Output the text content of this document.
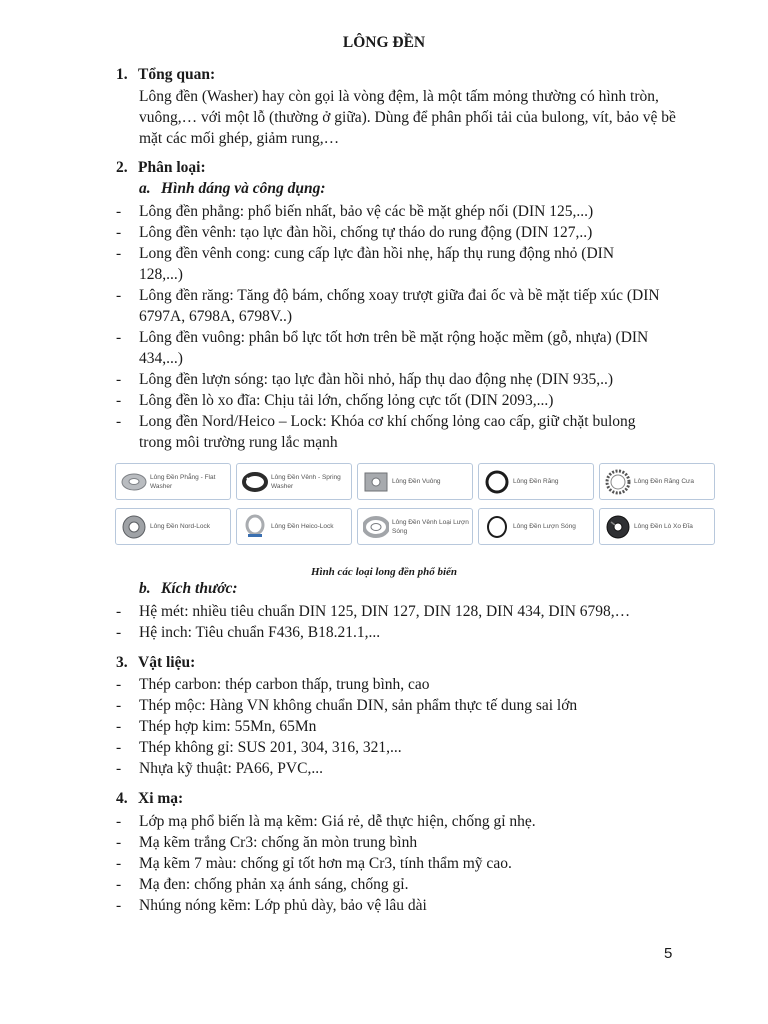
LÔNG ĐỀN
1. Tổng quan:
Lông đền (Washer) hay còn gọi là vòng đệm, là một tấm mỏng thường có hình tròn, vuông,… với một lỗ (thường ở giữa). Dùng để phân phối tải của bulong, vít, bảo vệ bề mặt các mối ghép, giảm rung,…
2. Phân loại:
a. Hình dáng và công dụng:
- Lông đền phẳng: phổ biến nhất, bảo vệ các bề mặt ghép nối (DIN 125,...)
- Lông đền vênh: tạo lực đàn hồi, chống tự tháo do rung động (DIN 127,..)
- Long đền vênh cong: cung cấp lực đàn hồi nhẹ, hấp thụ rung động nhỏ (DIN 128,...)
- Lông đền răng: Tăng độ bám, chống xoay trượt giữa đai ốc và bề mặt tiếp xúc (DIN 6797A, 6798A, 6798V..)
- Lông đền vuông: phân bổ lực tốt hơn trên bề mặt rộng hoặc mềm (gỗ, nhựa) (DIN 434,...)
- Lông đền lượn sóng: tạo lực đàn hồi nhỏ, hấp thụ dao động nhẹ (DIN 935,..)
- Lông đền lò xo đĩa: Chịu tải lớn, chống lỏng cực tốt (DIN 2093,...)
- Long đền Nord/Heico – Lock: Khóa cơ khí chống lỏng cao cấp, giữ chặt bulong trong môi trường rung lắc mạnh
Lông Đền Phẳng - Flat Washer
Lông Đền Vênh - Spring Washer
Lông Đền Vuông	Lông Đền Răng	Lông Đền Răng Cưa
Lông Đền Nord-Lock	Lông Đền Heico-Lock
Lông Đền Vênh Loại Lượn Sóng
Lông Đền Lượn Sóng	Lông Đền Lò Xo Đĩa
Hình các loại long đền phổ biến
b. Kích thước:
- Hệ mét: nhiều tiêu chuẩn DIN 125, DIN 127, DIN 128, DIN 434, DIN 6798,…
- Hệ inch: Tiêu chuẩn F436, B18.21.1,...
3. Vật liệu:
- Thép carbon: thép carbon thấp, trung bình, cao
- Thép mộc: Hàng VN không chuẩn DIN, sản phẩm thực tế dung sai lớn
- Thép hợp kim: 55Mn, 65Mn
- Thép không gỉ: SUS 201, 304, 316, 321,...
- Nhựa kỹ thuật: PA66, PVC,...
4. Xi mạ:
- Lớp mạ phổ biến là mạ kẽm: Giá rẻ, dễ thực hiện, chống gỉ nhẹ.
- Mạ kẽm trắng Cr3: chống ăn mòn trung bình
- Mạ kẽm 7 màu: chống gỉ tốt hơn mạ Cr3, tính thẩm mỹ cao.
- Mạ đen: chống phản xạ ánh sáng, chống gỉ.
- Nhúng nóng kẽm: Lớp phủ dày, bảo vệ lâu dài
5
